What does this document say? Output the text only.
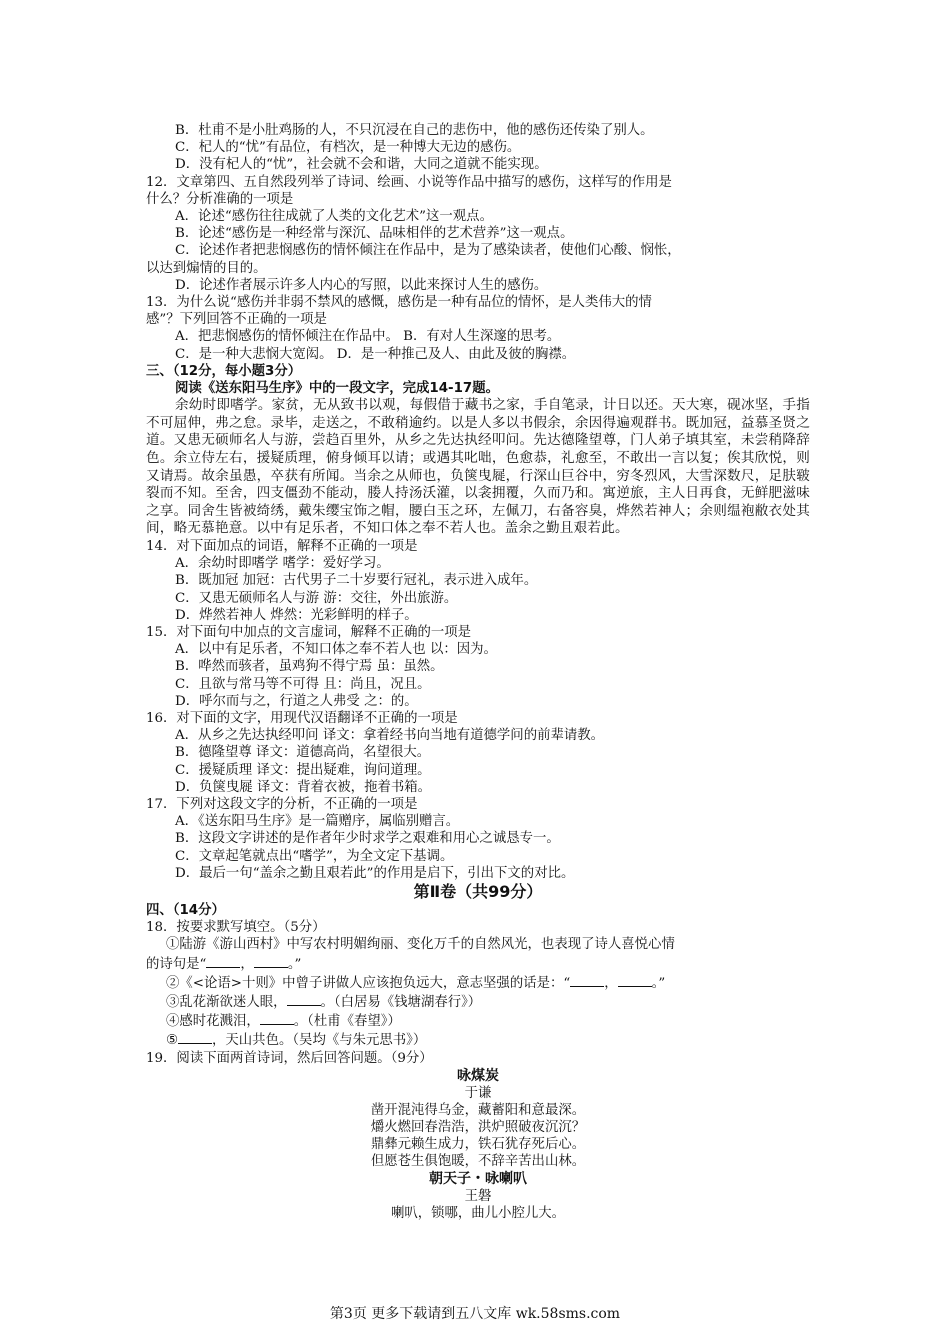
B．杜甫不是小肚鸡肠的人，不只沉浸在自己的悲伤中，他的感伤还传染了别人。
C．杞人的“忧”有品位，有档次，是一种博大无边的感伤。
D．没有杞人的“忧”，社会就不会和谐，大同之道就不能实现。
12．文章第四、五自然段列举了诗词、绘画、小说等作品中描写的感伤，这样写的作用是
什么？分析准确的一项是
A．论述“感伤往往成就了人类的文化艺术”这一观点。
B．论述“感伤是一种经常与深沉、品味相伴的艺术营养”这一观点。
C．论述作者把悲悯感伤的情怀倾注在作品中，是为了感染读者，使他们心酸、悯怅，
以达到煽情的目的。
D．论述作者展示许多人内心的写照，以此来探讨人生的感伤。
13．为什么说“感伤并非弱不禁风的感慨，感伤是一种有品位的情怀，是人类伟大的情
感”？下列回答不正确的一项是
A．把悲悯感伤的情怀倾注在作品中。 B．有对人生深邃的思考。
C．是一种大悲悯大宽闳。 D．是一种推己及人、由此及彼的胸襟。
三、（12分，每小题3分）
阅读《送东阳马生序》中的一段文字，完成14-17题。
余幼时即嗜学。家贫，无从致书以观，每假借于藏书之家，手自笔录，计日以还。天大寒，砚冰坚，手指不可屈伸，弗之怠。录毕，走送之，不敢稍逾约。以是人多以书假余，余因得遍观群书。既加冠，益慕圣贤之道。又患无硕师名人与游，尝趋百里外，从乡之先达执经叩问。先达德隆望尊，门人弟子填其室，未尝稍降辞色。余立侍左右，援疑质理，俯身倾耳以请；或遇其叱咄，色愈恭，礼愈至，不敢出一言以复；俟其欣悦，则又请焉。故余虽愚，卒获有所闻。当余之从师也，负箧曳屣，行深山巨谷中，穷冬烈风，大雪深数尺，足肤皲裂而不知。至舍，四支僵劲不能动，媵人持汤沃灌，以衾拥覆，久而乃和。寓逆旅，主人日再食，无鲜肥滋味之享。同舍生皆被绮绣，戴朱缨宝饰之帽，腰白玉之环，左佩刀，右备容臭，烨然若神人；余则缊袍敝衣处其间，略无慕艳意。以中有足乐者，不知口体之奉不若人也。盖余之勤且艰若此。
14．对下面加点的词语，解释不正确的一项是
A．余幼时即嗜学 嗜学：爱好学习。
B．既加冠 加冠：古代男子二十岁要行冠礼，表示进入成年。
C．又患无硕师名人与游 游：交往，外出旅游。
D．烨然若神人 烨然：光彩鲜明的样子。
15．对下面句中加点的文言虚词，解释不正确的一项是
A．以中有足乐者，不知口体之奉不若人也 以：因为。
B．哗然而骇者，虽鸡狗不得宁焉 虽：虽然。
C．且欲与常马等不可得 且：尚且，况且。
D．呼尔而与之，行道之人弗受 之：的。
16．对下面的文字，用现代汉语翻译不正确的一项是
A．从乡之先达执经叩问 译文：拿着经书向当地有道德学问的前辈请教。
B．德隆望尊 译文：道德高尚，名望很大。
C．援疑质理 译文：提出疑难，询问道理。
D．负箧曳屣 译文：背着衣被，拖着书箱。
17．下列对这段文字的分析，不正确的一项是
A．《送东阳马生序》是一篇赠序，属临别赠言。
B．这段文字讲述的是作者年少时求学之艰难和用心之诚恳专一。
C．文章起笔就点出“嗜学”，为全文定下基调。
D．最后一句“盖余之勤且艰若此”的作用是启下，引出下文的对比。
第Ⅱ卷（共99分）
四、（14分）
18．按要求默写填空。（5分）
①陆游《游山西村》中写农村明媚绚丽、变化万千的自然风光，也表现了诗人喜悦心情
的诗句是“	，	。”
②《<论语>十则》中曾子讲做人应该抱负远大，意志坚强的话是：“	，	。”
③乱花渐欲迷人眼，	。（白居易《钱塘湖春行》）
④感时花溅泪，	。（杜甫《春望》）
⑤	，天山共色。（吴均《与朱元思书》）
19．阅读下面两首诗词，然后回答问题。（9分）
咏煤炭
于谦
凿开混沌得乌金，藏蓄阳和意最深。
爝火燃回春浩浩，洪炉照破夜沉沉？
鼎彝元赖生成力，铁石犹存死后心。
但愿苍生俱饱暖，不辞辛苦出山林。
朝天子・咏喇叭
王磐
喇叭，锁哪，曲儿小腔儿大。
第3页 更多下载请到五八文库 wk.58sms.com
